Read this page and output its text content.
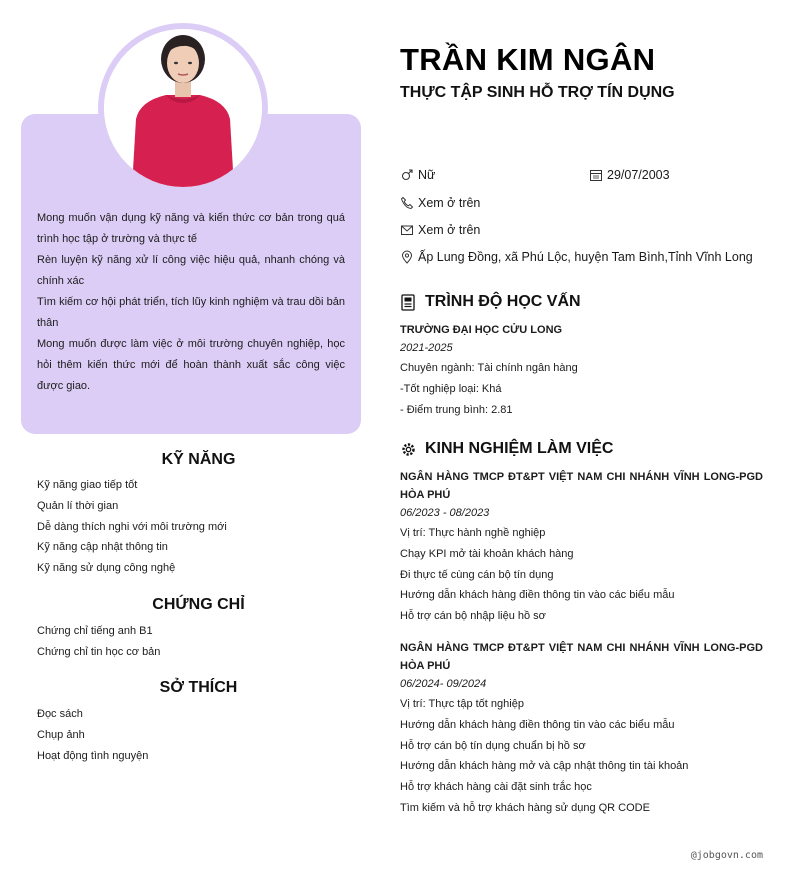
Mong muốn vận dụng kỹ năng và kiến thức cơ bản trong quá trình học tập ở trường và thực tế

Rèn luyện kỹ năng xử lí công việc hiệu quả, nhanh chóng và chính xác

Tìm kiếm cơ hội phát triển, tích lũy kinh nghiệm và trau dồi bản thân

Mong muốn được làm việc ở môi trường chuyên nghiệp, học hỏi thêm kiến thức mới để hoàn thành xuất sắc công việc được giao.

KỸ NĂNG
Kỹ năng giao tiếp tốt
Quản lí thời gian
Dễ dàng thích nghi với môi trường mới
Kỹ năng cập nhật thông tin
Kỹ năng sử dụng công nghệ
CHỨNG CHỈ
Chứng chỉ tiếng anh B1
Chứng chỉ tin học cơ bản
SỞ THÍCH
Đọc sách
Chụp ảnh
Hoạt động tình nguyện
TRẦN KIM NGÂN
THỰC TẬP SINH HỖ TRỢ TÍN DỤNG
Nữ	29/07/2003
Xem ở trên
Xem ở trên
Ấp Lung Đồng, xã Phú Lộc, huyện Tam Bình,Tỉnh Vĩnh Long
TRÌNH ĐỘ HỌC VẤN
TRƯỜNG ĐẠI HỌC CỬU LONG
2021-2025
Chuyên ngành: Tài chính ngân hàng
-Tốt nghiệp loại: Khá
- Điểm trung bình: 2.81
KINH NGHIỆM LÀM VIỆC
NGÂN HÀNG TMCP ĐT&PT VIỆT NAM CHI NHÁNH VĨNH LONG-PGD HÒA PHÚ
06/2023 - 08/2023
Vị trí: Thực hành nghề nghiệp
Chạy KPI mở tài khoản khách hàng
Đi thực tế cùng cán bộ tín dụng
Hướng dẫn khách hàng điền thông tin vào các biểu mẫu
Hỗ trợ cán bộ nhập liệu hồ sơ
NGÂN HÀNG TMCP ĐT&PT VIỆT NAM CHI NHÁNH VĨNH LONG-PGD HÒA PHÚ
06/2024- 09/2024
Vị trí: Thực tập tốt nghiệp
Hướng dẫn khách hàng điền thông tin vào các biểu mẫu
Hỗ trợ cán bộ tín dụng chuẩn bị hồ sơ
Hướng dẫn khách hàng mở và cập nhật thông tin tài khoản
Hỗ trợ khách hàng cài đặt sinh trắc học
Tìm kiếm và hỗ trợ khách hàng sử dụng QR CODE
@jobgovn.com
